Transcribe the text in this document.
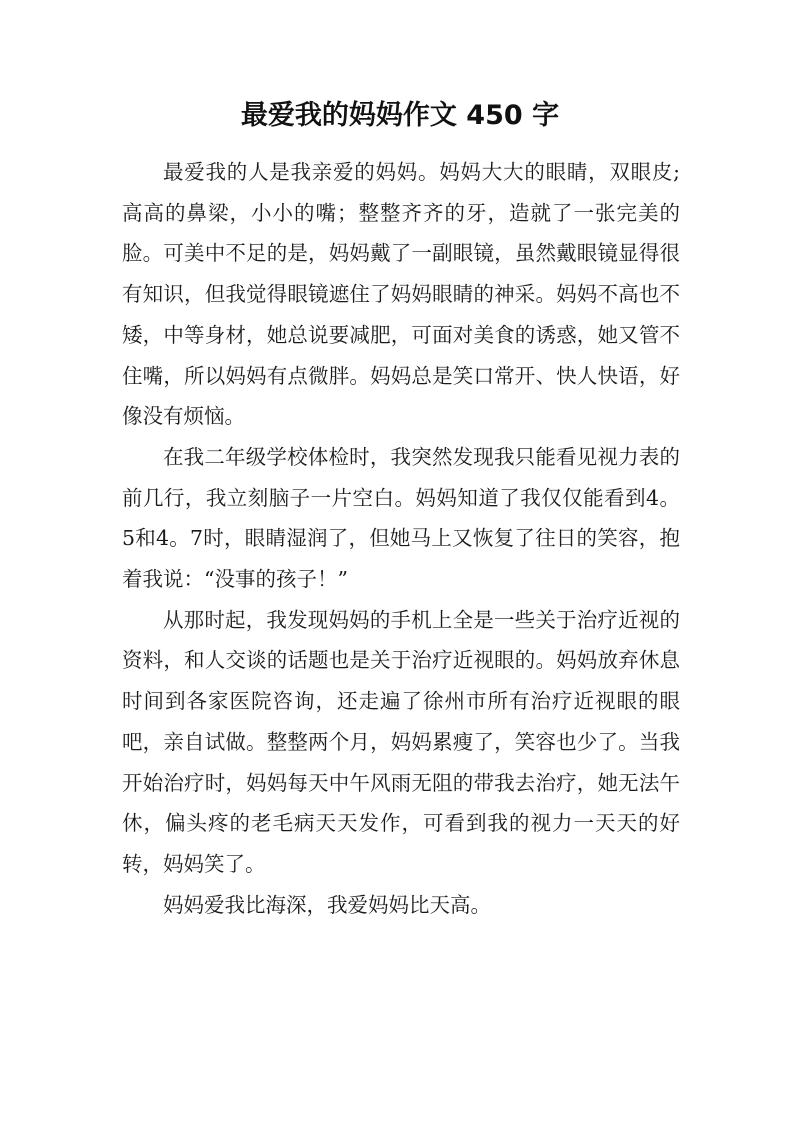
最爱我的妈妈作文 450 字

最爱我的人是我亲爱的妈妈。妈妈大大的眼睛，双眼皮;高高的鼻梁，小小的嘴；整整齐齐的牙，造就了一张完美的脸。可美中不足的是，妈妈戴了一副眼镜，虽然戴眼镜显得很有知识，但我觉得眼镜遮住了妈妈眼睛的神采。妈妈不高也不矮，中等身材，她总说要减肥，可面对美食的诱惑，她又管不住嘴，所以妈妈有点微胖。妈妈总是笑口常开、快人快语，好像没有烦恼。

在我二年级学校体检时，我突然发现我只能看见视力表的前几行，我立刻脑子一片空白。妈妈知道了我仅仅能看到4。5和4。7时，眼睛湿润了，但她马上又恢复了往日的笑容，抱着我说：“没事的孩子！”

从那时起，我发现妈妈的手机上全是一些关于治疗近视的资料，和人交谈的话题也是关于治疗近视眼的。妈妈放弃休息时间到各家医院咨询，还走遍了徐州市所有治疗近视眼的眼吧，亲自试做。整整两个月，妈妈累瘦了，笑容也少了。当我开始治疗时，妈妈每天中午风雨无阻的带我去治疗，她无法午休，偏头疼的老毛病天天发作，可看到我的视力一天天的好转，妈妈笑了。

妈妈爱我比海深，我爱妈妈比天高。
